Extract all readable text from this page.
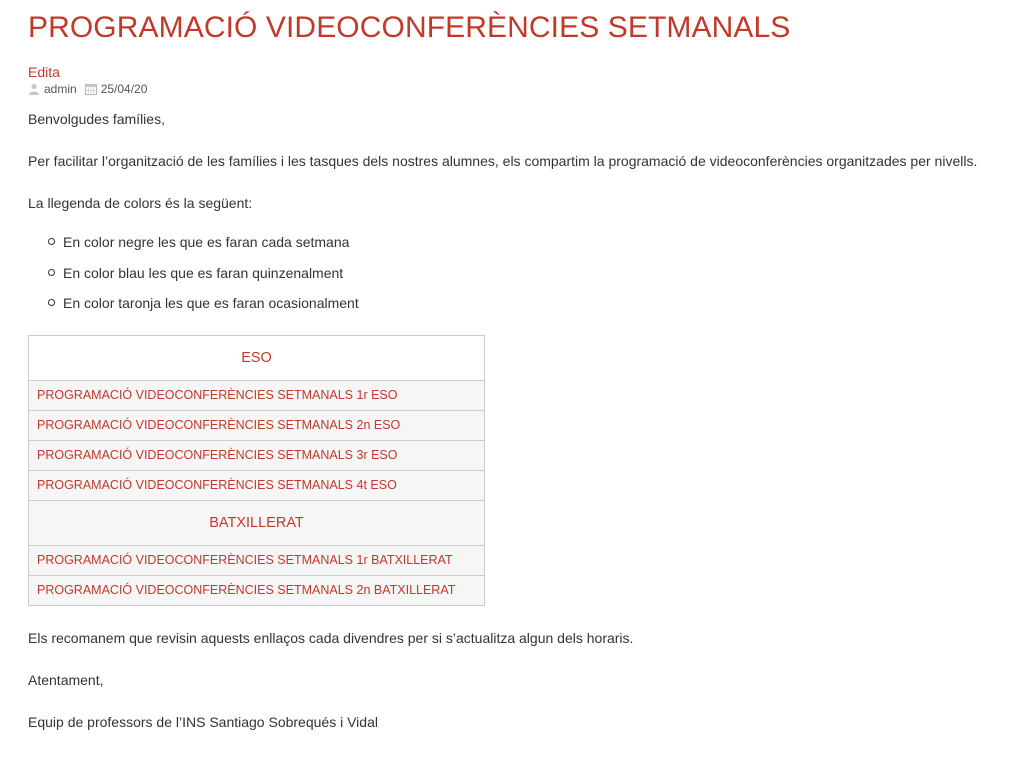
PROGRAMACIÓ VIDEOCONFERÈNCIES SETMANALS
Edita
admin 25/04/20

Benvolgudes famílies,

Per facilitar l’organització de les famílies i les tasques dels nostres alumnes, els compartim la programació de videoconferències organitzades per nivells.

La llegenda de colors és la següent:

En color negre les que es faran cada setmana
En color blau les que es faran quinzenalment
En color taronja les que es faran ocasionalment
ESO
PROGRAMACIÓ VIDEOCONFERÈNCIES SETMANALS 1r ESO
PROGRAMACIÓ VIDEOCONFERÈNCIES SETMANALS 2n ESO
PROGRAMACIÓ VIDEOCONFERÈNCIES SETMANALS 3r ESO
PROGRAMACIÓ VIDEOCONFERÈNCIES SETMANALS 4t ESO
BATXILLERAT
PROGRAMACIÓ VIDEOCONFERÈNCIES SETMANALS 1r BATXILLERAT
PROGRAMACIÓ VIDEOCONFERÈNCIES SETMANALS 2n BATXILLERAT

Els recomanem que revisin aquests enllaços cada divendres per si s’actualitza algun dels horaris.

Atentament,

Equip de professors de l’INS Santiago Sobrequés i Vidal
